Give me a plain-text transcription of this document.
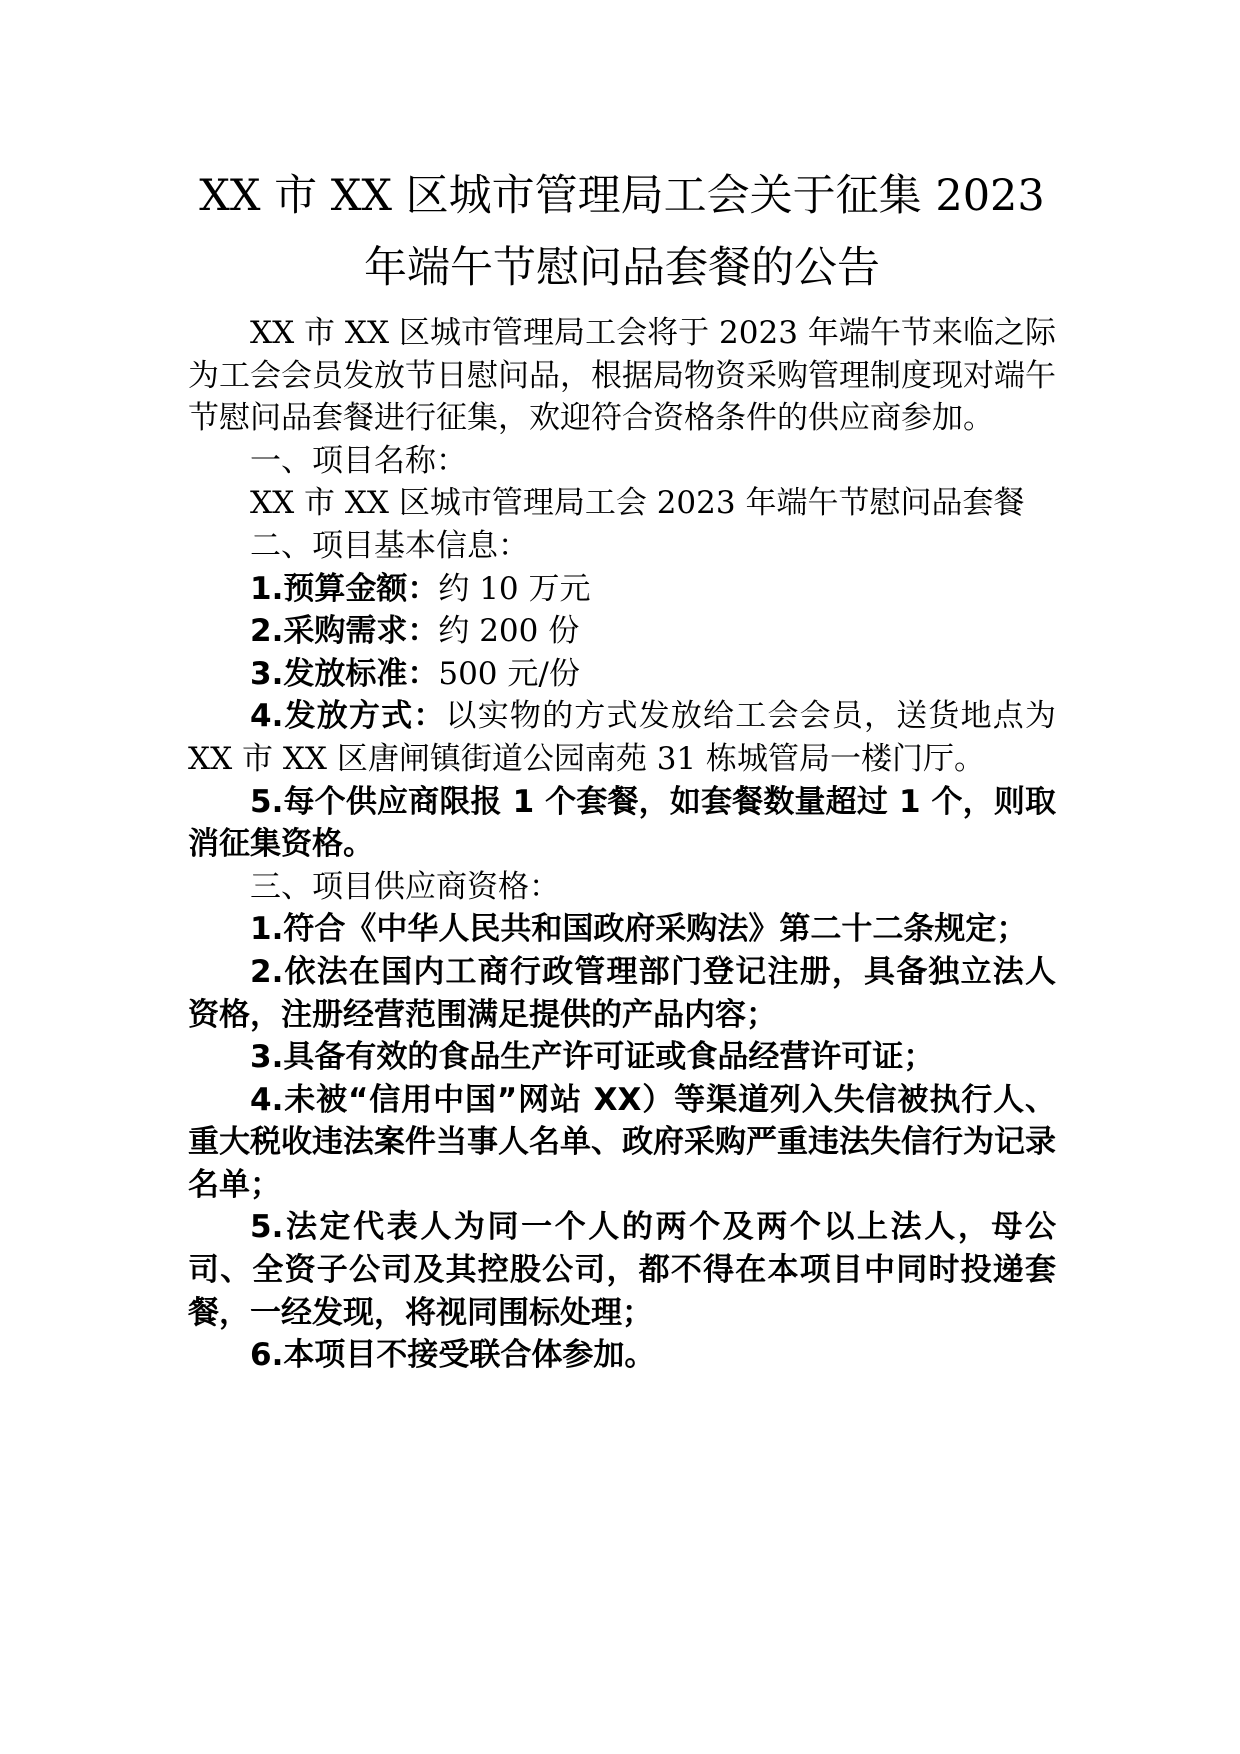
XX 市 XX 区城市管理局工会关于征集 2023
年端午节慰问品套餐的公告

XX 市 XX 区城市管理局工会将于 2023 年端午节来临之际为工会会员发放节日慰问品，根据局物资采购管理制度现对端午节慰问品套餐进行征集，欢迎符合资格条件的供应商参加。

一、项目名称：

XX 市 XX 区城市管理局工会 2023 年端午节慰问品套餐

二、项目基本信息：

1.预算金额：约 10 万元

2.采购需求：约 200 份

3.发放标准：500 元/份

4.发放方式：以实物的方式发放给工会会员，送货地点为 XX 市 XX 区唐闸镇街道公园南苑 31 栋城管局一楼门厅。

5.每个供应商限报 1 个套餐，如套餐数量超过 1 个，则取消征集资格。

三、项目供应商资格：

1.符合《中华人民共和国政府采购法》第二十二条规定；

2.依法在国内工商行政管理部门登记注册，具备独立法人资格，注册经营范围满足提供的产品内容；

3.具备有效的食品生产许可证或食品经营许可证；

4.未被“信用中国”网站 XX）等渠道列入失信被执行人、重大税收违法案件当事人名单、政府采购严重违法失信行为记录名单；

5.法定代表人为同一个人的两个及两个以上法人，母公司、全资子公司及其控股公司，都不得在本项目中同时投递套餐，一经发现，将视同围标处理；

6.本项目不接受联合体参加。
